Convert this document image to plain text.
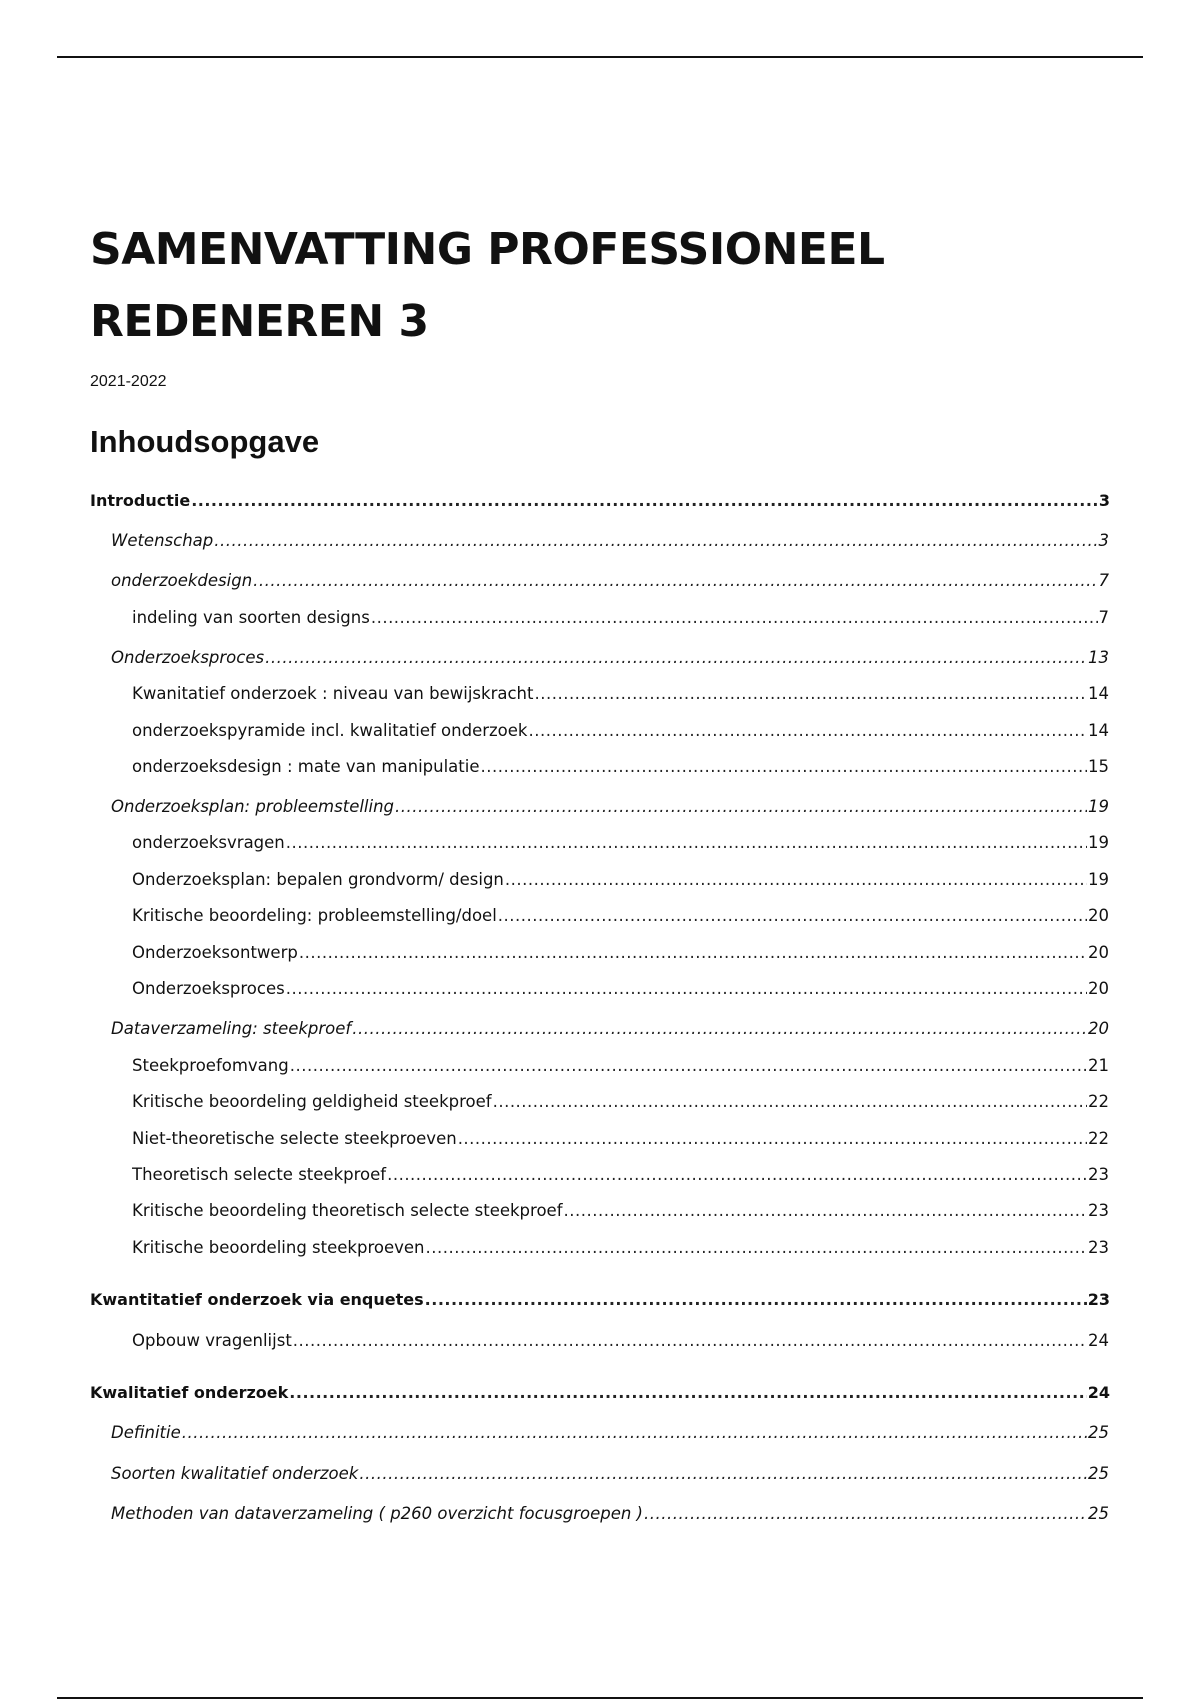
SAMENVATTING PROFESSIONEEL REDENEREN 3
2021-2022
Inhoudsopgave
Introductie .....	3
Wetenschap .....	3
onderzoekdesign .....	7
indeling van soorten designs .....	7
Onderzoeksproces .....	13
Kwanitatief onderzoek : niveau van bewijskracht .....	14
onderzoekspyramide incl. kwalitatief onderzoek .....	14
onderzoeksdesign : mate van manipulatie .....	15
Onderzoeksplan: probleemstelling .....	19
onderzoeksvragen .....	19
Onderzoeksplan: bepalen grondvorm/ design .....	19
Kritische beoordeling: probleemstelling/doel .....	20
Onderzoeksontwerp .....	20
Onderzoeksproces .....	20
Dataverzameling: steekproef .....	20
Steekproefomvang .....	21
Kritische beoordeling geldigheid steekproef .....	22
Niet-theoretische selecte steekproeven .....	22
Theoretisch selecte steekproef .....	23
Kritische beoordeling theoretisch selecte steekproef .....	23
Kritische beoordeling steekproeven .....	23
Kwantitatief onderzoek via enquetes .....	23
Opbouw vragenlijst .....	24
Kwalitatief onderzoek .....	24
Definitie .....	25
Soorten kwalitatief onderzoek .....	25
Methoden van dataverzameling ( p260 overzicht focusgroepen ) .....	25
